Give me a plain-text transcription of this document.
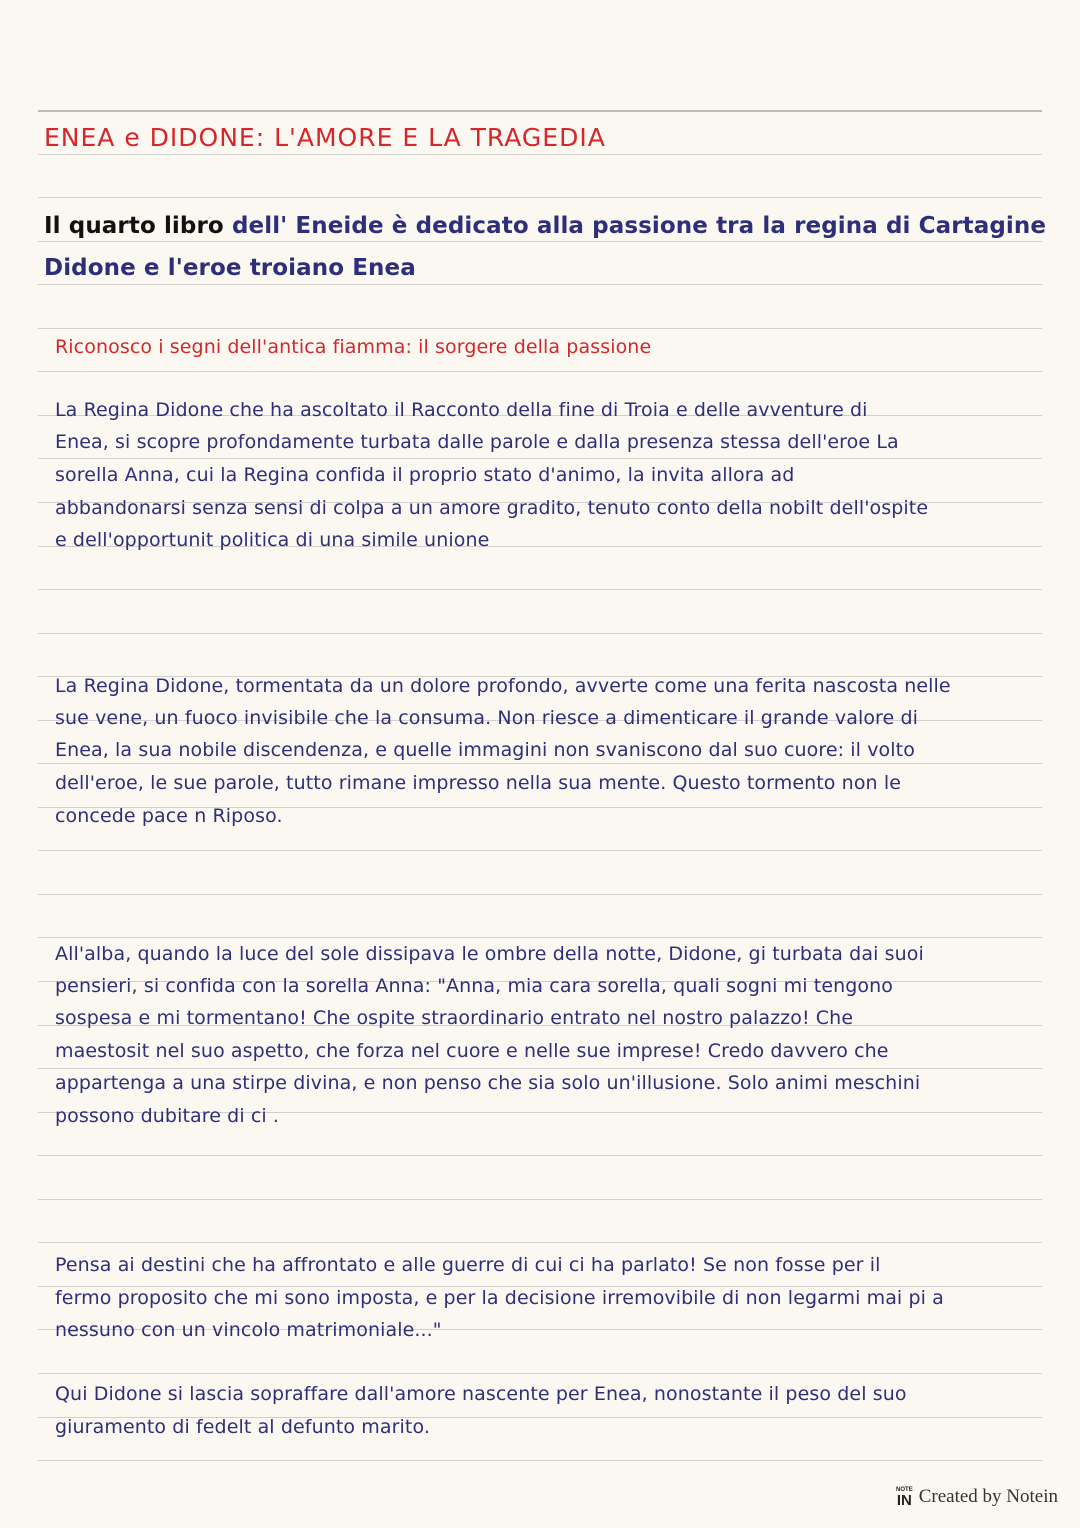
ENEA e DIDONE: L'AMORE E LA TRAGEDIA
Il quarto libro dell' Eneide è dedicato alla passione tra la regina di Cartagine
Didone e l'eroe troiano Enea
Riconosco i segni dell'antica fiamma: il sorgere della passione
La Regina Didone che ha ascoltato il Racconto della fine di Troia e delle avventure di
Enea, si scopre profondamente turbata dalle parole e dalla presenza stessa dell'eroe La
sorella Anna, cui la Regina confida il proprio stato d'animo, la invita allora ad
abbandonarsi senza sensi di colpa a un amore gradito, tenuto conto della nobilt dell'ospite
e dell'opportunit politica di una simile unione
La Regina Didone, tormentata da un dolore profondo, avverte come una ferita nascosta nelle
sue vene, un fuoco invisibile che la consuma. Non riesce a dimenticare il grande valore di
Enea, la sua nobile discendenza, e quelle immagini non svaniscono dal suo cuore: il volto
dell'eroe, le sue parole, tutto rimane impresso nella sua mente. Questo tormento non le
concede pace n Riposo.
All'alba, quando la luce del sole dissipava le ombre della notte, Didone, gi turbata dai suoi
pensieri, si confida con la sorella Anna: "Anna, mia cara sorella, quali sogni mi tengono
sospesa e mi tormentano! Che ospite straordinario entrato nel nostro palazzo! Che
maestosit nel suo aspetto, che forza nel cuore e nelle sue imprese! Credo davvero che
appartenga a una stirpe divina, e non penso che sia solo un'illusione. Solo animi meschini
possono dubitare di ci .
Pensa ai destini che ha affrontato e alle guerre di cui ci ha parlato! Se non fosse per il
fermo proposito che mi sono imposta, e per la decisione irremovibile di non legarmi mai pi a
nessuno con un vincolo matrimoniale..."
Qui Didone si lascia sopraffare dall'amore nascente per Enea, nonostante il peso del suo
giuramento di fedelt al defunto marito.
NOTE
IN Created by Notein
